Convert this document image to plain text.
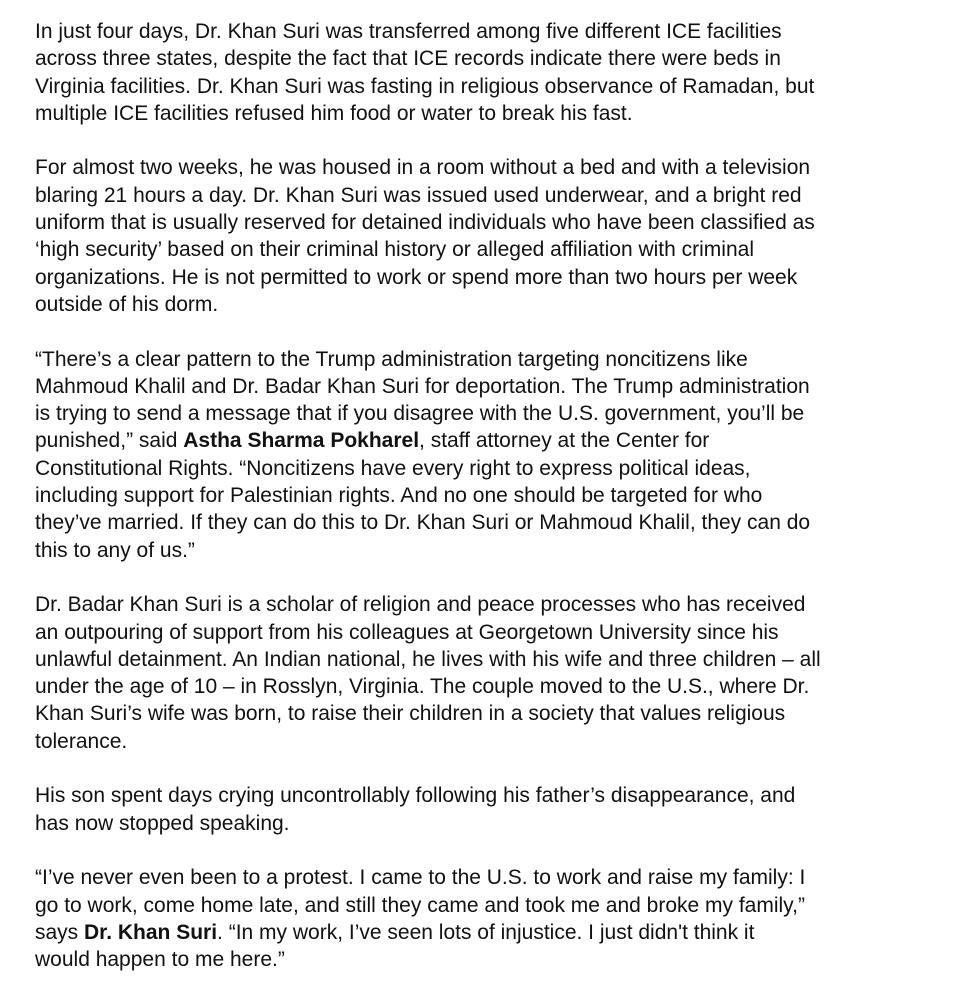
In just four days, Dr. Khan Suri was transferred among five different ICE facilities
across three states, despite the fact that ICE records indicate there were beds in
Virginia facilities. Dr. Khan Suri was fasting in religious observance of Ramadan, but
multiple ICE facilities refused him food or water to break his fast.

For almost two weeks, he was housed in a room without a bed and with a television
blaring 21 hours a day. Dr. Khan Suri was issued used underwear, and a bright red
uniform that is usually reserved for detained individuals who have been classified as
‘high security’ based on their criminal history or alleged affiliation with criminal
organizations. He is not permitted to work or spend more than two hours per week
outside of his dorm.

“There’s a clear pattern to the Trump administration targeting noncitizens like
Mahmoud Khalil and Dr. Badar Khan Suri for deportation. The Trump administration
is trying to send a message that if you disagree with the U.S. government, you’ll be
punished,” said Astha Sharma Pokharel, staff attorney at the Center for
Constitutional Rights. “Noncitizens have every right to express political ideas,
including support for Palestinian rights. And no one should be targeted for who
they’ve married. If they can do this to Dr. Khan Suri or Mahmoud Khalil, they can do
this to any of us.”

Dr. Badar Khan Suri is a scholar of religion and peace processes who has received
an outpouring of support from his colleagues at Georgetown University since his
unlawful detainment. An Indian national, he lives with his wife and three children – all
under the age of 10 – in Rosslyn, Virginia. The couple moved to the U.S., where Dr.
Khan Suri’s wife was born, to raise their children in a society that values religious
tolerance.

His son spent days crying uncontrollably following his father’s disappearance, and
has now stopped speaking.

“I’ve never even been to a protest. I came to the U.S. to work and raise my family: I
go to work, come home late, and still they came and took me and broke my family,”
says Dr. Khan Suri. “In my work, I’ve seen lots of injustice. I just didn't think it
would happen to me here.”
